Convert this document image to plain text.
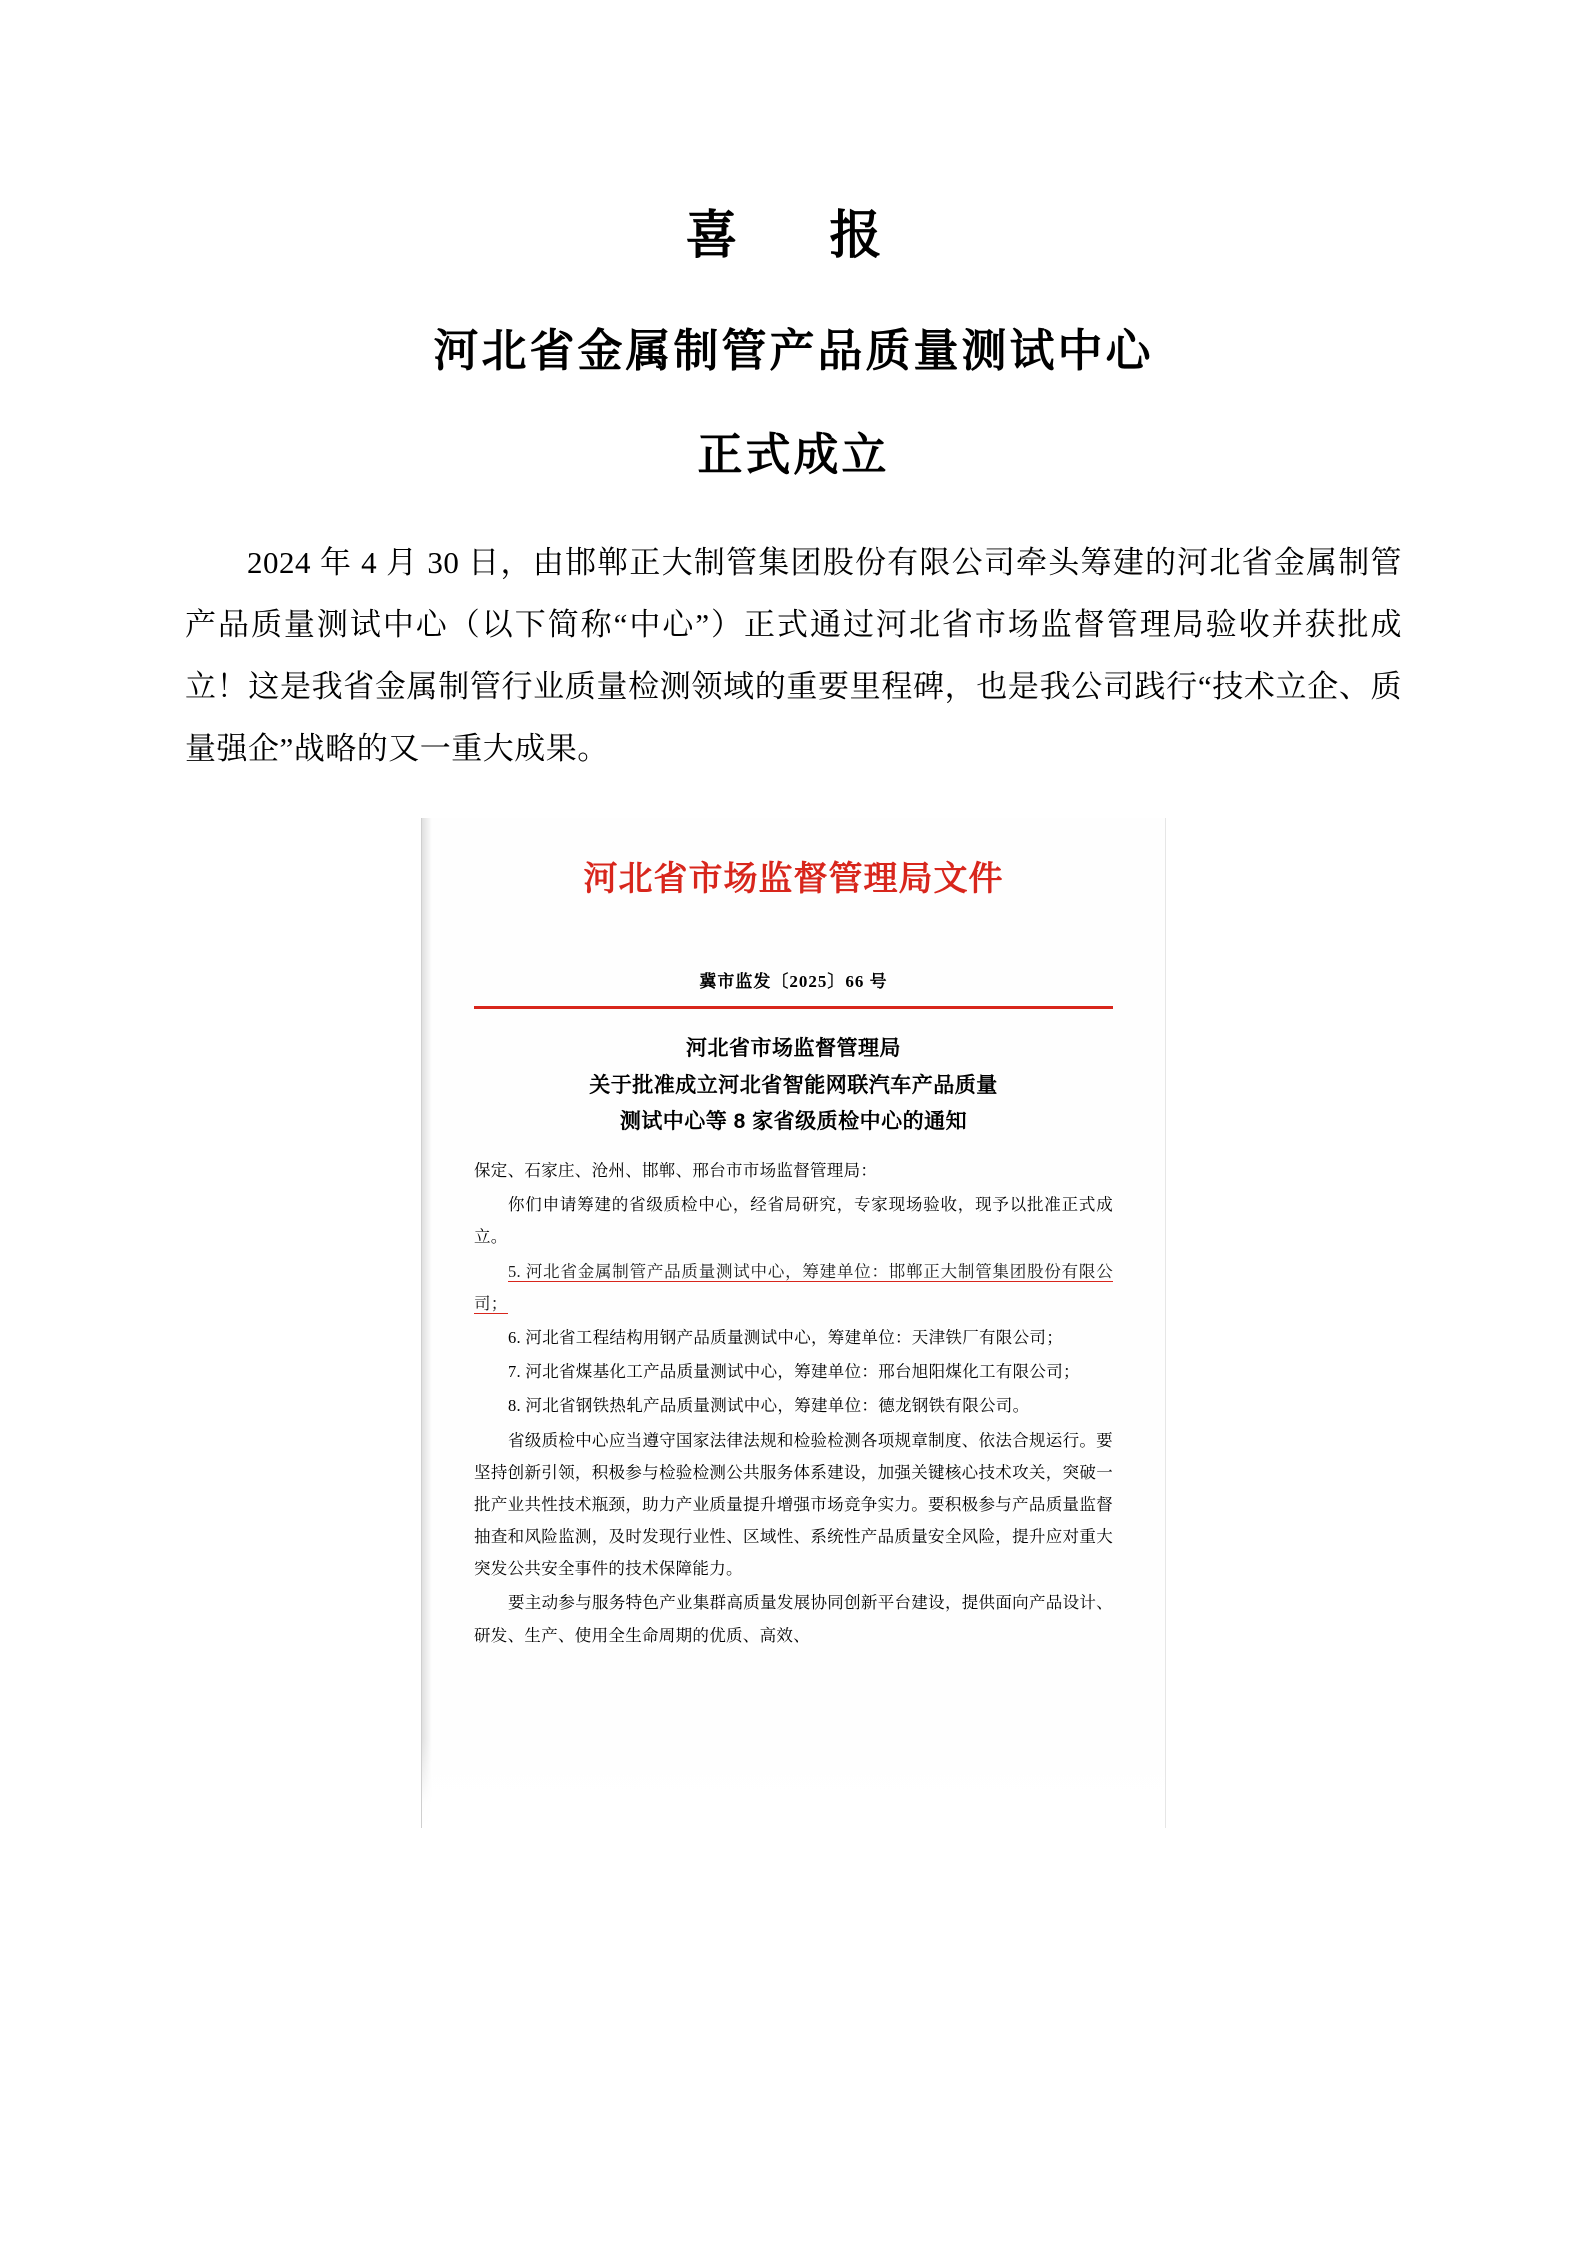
喜　报
河北省金属制管产品质量测试中心
正式成立

2024 年 4 月 30 日，由邯郸正大制管集团股份有限公司牵头筹建的河北省金属制管产品质量测试中心（以下简称“中心”）正式通过河北省市场监督管理局验收并获批成立！这是我省金属制管行业质量检测领域的重要里程碑，也是我公司践行“技术立企、质量强企”战略的又一重大成果。

河北省市场监督管理局文件
冀市监发〔2025〕66 号
河北省市场监督管理局
关于批准成立河北省智能网联汽车产品质量
测试中心等 8 家省级质检中心的通知
保定、石家庄、沧州、邯郸、邢台市市场监督管理局：
你们申请筹建的省级质检中心，经省局研究，专家现场验收，现予以批准正式成立。
5. 河北省金属制管产品质量测试中心，筹建单位：邯郸正大制管集团股份有限公司；
6. 河北省工程结构用钢产品质量测试中心，筹建单位：天津铁厂有限公司；
7. 河北省煤基化工产品质量测试中心，筹建单位：邢台旭阳煤化工有限公司；
8. 河北省钢铁热轧产品质量测试中心，筹建单位：德龙钢铁有限公司。
省级质检中心应当遵守国家法律法规和检验检测各项规章制度、依法合规运行。要坚持创新引领，积极参与检验检测公共服务体系建设，加强关键核心技术攻关，突破一批产业共性技术瓶颈，助力产业质量提升增强市场竞争实力。要积极参与产品质量监督抽查和风险监测，及时发现行业性、区域性、系统性产品质量安全风险，提升应对重大突发公共安全事件的技术保障能力。
要主动参与服务特色产业集群高质量发展协同创新平台建设，提供面向产品设计、研发、生产、使用全生命周期的优质、高效、
